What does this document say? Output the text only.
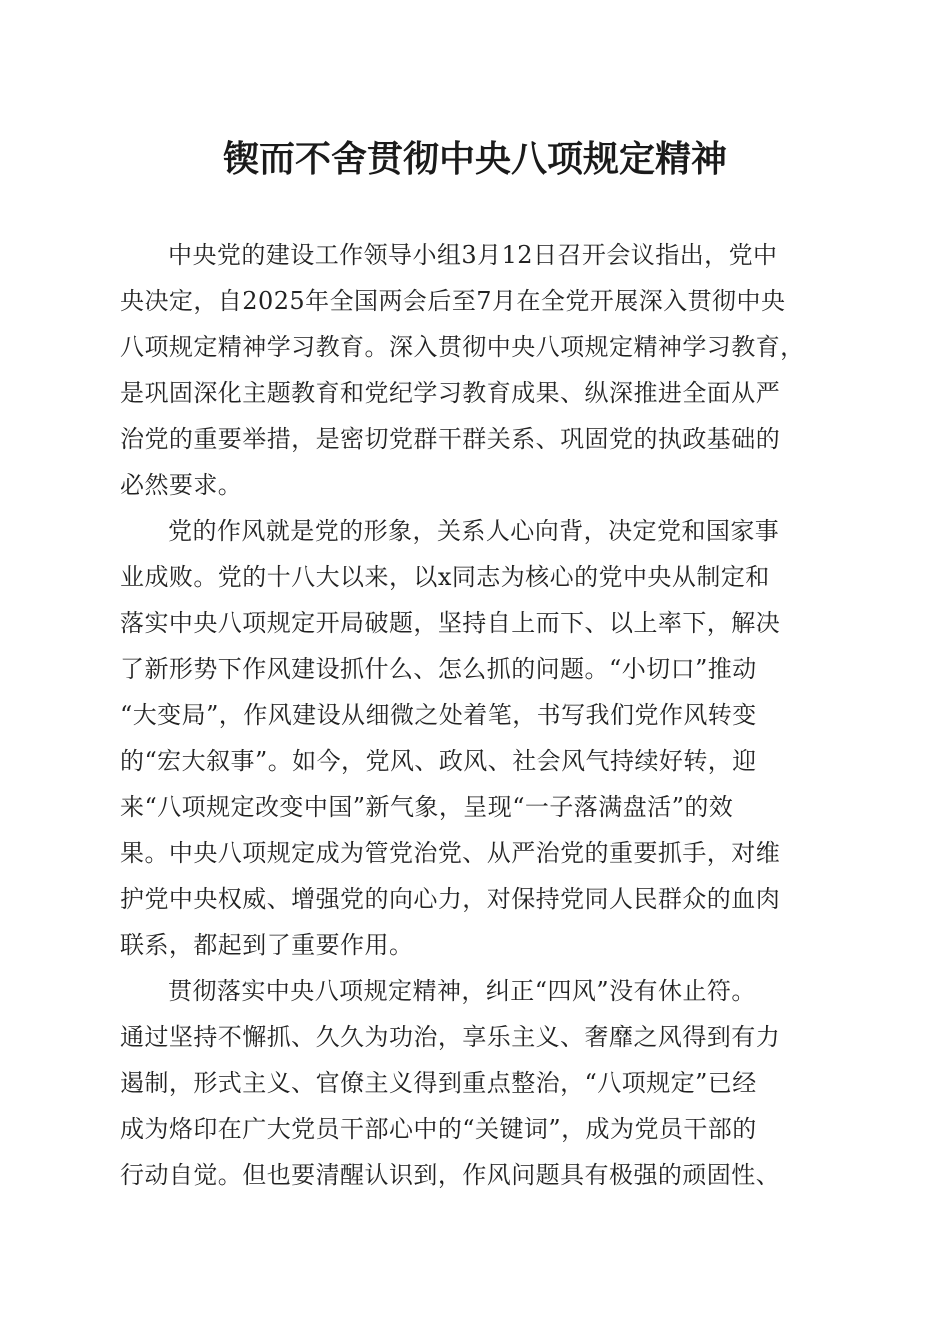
锲而不舍贯彻中央八项规定精神
中央党的建设工作领导小组3月12日召开会议指出，党中
央决定，自2025年全国两会后至7月在全党开展深入贯彻中央
八项规定精神学习教育。深入贯彻中央八项规定精神学习教育，
是巩固深化主题教育和党纪学习教育成果、纵深推进全面从严
治党的重要举措，是密切党群干群关系、巩固党的执政基础的
必然要求。
党的作风就是党的形象，关系人心向背，决定党和国家事
业成败。党的十八大以来，以x同志为核心的党中央从制定和
落实中央八项规定开局破题，坚持自上而下、以上率下，解决
了新形势下作风建设抓什么、怎么抓的问题。“小切口”推动
“大变局”，作风建设从细微之处着笔，书写我们党作风转变
的“宏大叙事”。如今，党风、政风、社会风气持续好转，迎
来“八项规定改变中国”新气象，呈现“一子落满盘活”的效
果。中央八项规定成为管党治党、从严治党的重要抓手，对维
护党中央权威、增强党的向心力，对保持党同人民群众的血肉
联系，都起到了重要作用。
贯彻落实中央八项规定精神，纠正“四风”没有休止符。
通过坚持不懈抓、久久为功治，享乐主义、奢靡之风得到有力
遏制，形式主义、官僚主义得到重点整治，“八项规定”已经
成为烙印在广大党员干部心中的“关键词”，成为党员干部的
行动自觉。但也要清醒认识到，作风问题具有极强的顽固性、
